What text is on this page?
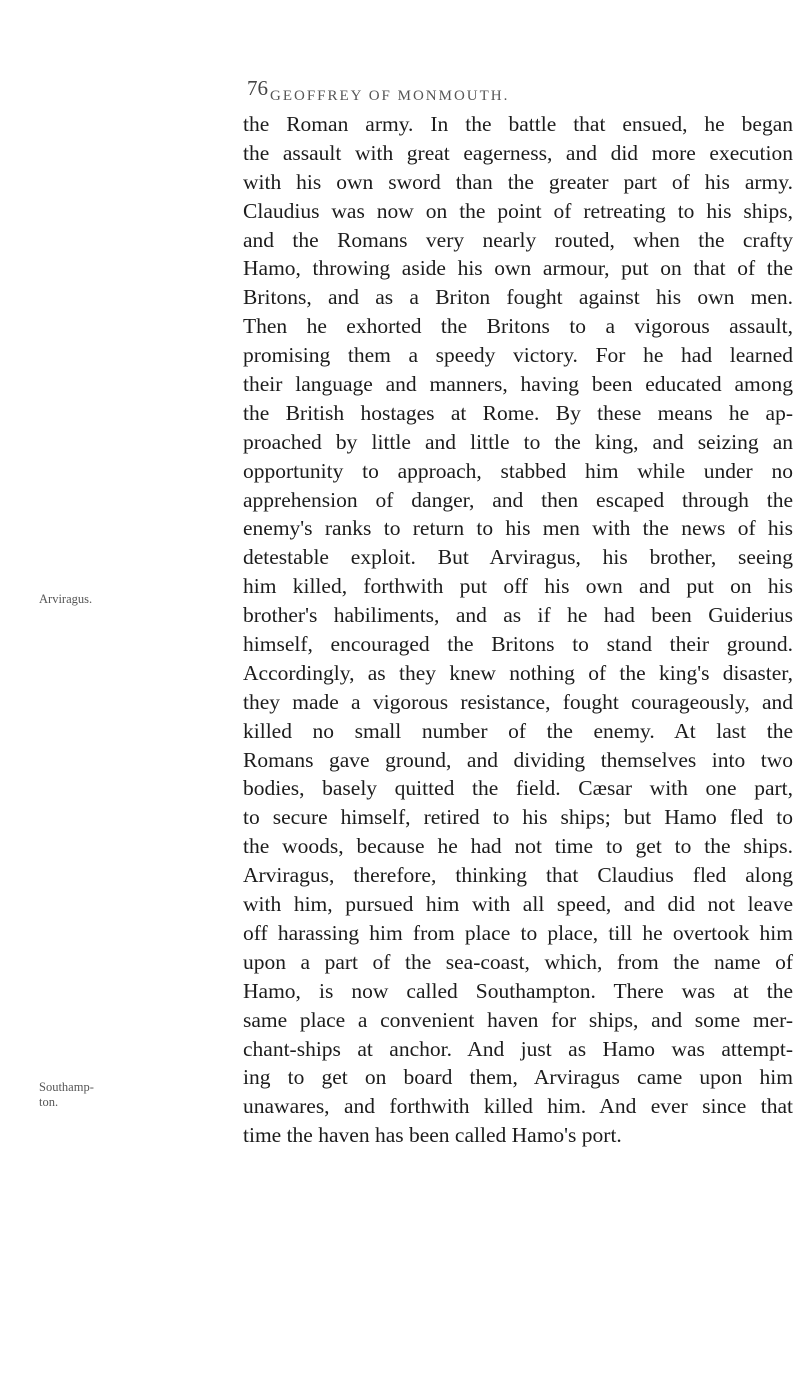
76 GEOFFREY OF MONMOUTH.
Arviragus.
Southamp-
ton.
the Roman army. In the battle that ensued, he began
the assault with great eagerness, and did more execution
with his own sword than the greater part of his army.
Claudius was now on the point of retreating to his ships,
and the Romans very nearly routed, when the crafty
Hamo, throwing aside his own armour, put on that of the
Britons, and as a Briton fought against his own men.
Then he exhorted the Britons to a vigorous assault,
promising them a speedy victory. For he had learned
their language and manners, having been educated among
the British hostages at Rome. By these means he ap-
proached by little and little to the king, and seizing an
opportunity to approach, stabbed him while under no
apprehension of danger, and then escaped through the
enemy's ranks to return to his men with the news of his
detestable exploit. But Arviragus, his brother, seeing
him killed, forthwith put off his own and put on his
brother's habiliments, and as if he had been Guiderius
himself, encouraged the Britons to stand their ground.
Accordingly, as they knew nothing of the king's disaster,
they made a vigorous resistance, fought courageously, and
killed no small number of the enemy. At last the
Romans gave ground, and dividing themselves into two
bodies, basely quitted the field. Cæsar with one part,
to secure himself, retired to his ships; but Hamo fled to
the woods, because he had not time to get to the ships.
Arviragus, therefore, thinking that Claudius fled along
with him, pursued him with all speed, and did not leave
off harassing him from place to place, till he overtook him
upon a part of the sea-coast, which, from the name of
Hamo, is now called Southampton. There was at the
same place a convenient haven for ships, and some mer-
chant-ships at anchor. And just as Hamo was attempt-
ing to get on board them, Arviragus came upon him
unawares, and forthwith killed him. And ever since that
time the haven has been called Hamo's port.
